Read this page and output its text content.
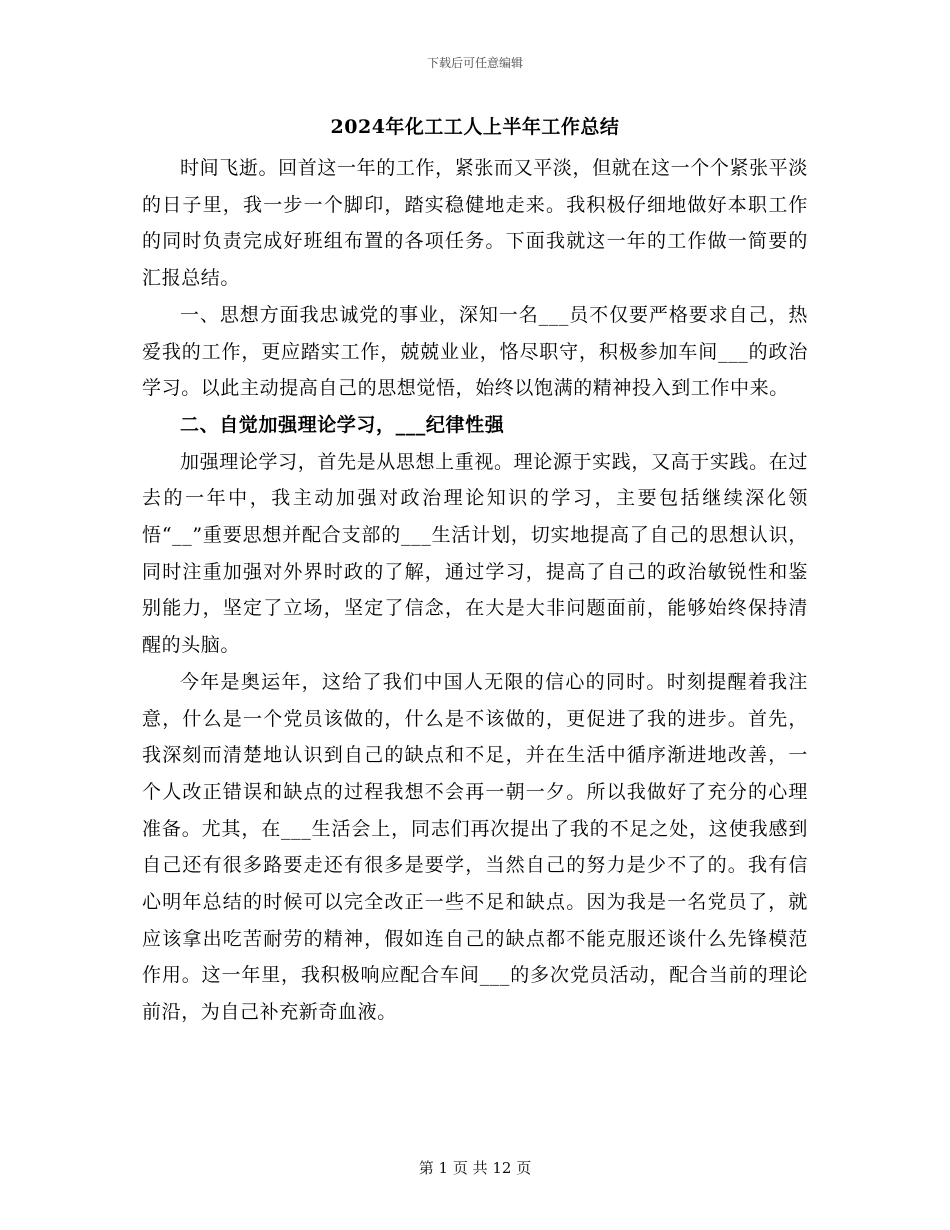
下载后可任意编辑
2024年化工工人上半年工作总结

时间飞逝。回首这一年的工作，紧张而又平淡，但就在这一个个紧张平淡的日子里，我一步一个脚印，踏实稳健地走来。我积极仔细地做好本职工作的同时负责完成好班组布置的各项任务。下面我就这一年的工作做一简要的汇报总结。

一、思想方面我忠诚党的事业，深知一名___员不仅要严格要求自己，热爱我的工作，更应踏实工作，兢兢业业，恪尽职守，积极参加车间___的政治学习。以此主动提高自己的思想觉悟，始终以饱满的精神投入到工作中来。

二、自觉加强理论学习，___纪律性强

加强理论学习，首先是从思想上重视。理论源于实践，又高于实践。在过去的一年中，我主动加强对政治理论知识的学习，主要包括继续深化领悟“__”重要思想并配合支部的___生活计划，切实地提高了自己的思想认识，同时注重加强对外界时政的了解，通过学习，提高了自己的政治敏锐性和鉴别能力，坚定了立场，坚定了信念，在大是大非问题面前，能够始终保持清醒的头脑。

今年是奥运年，这给了我们中国人无限的信心的同时。时刻提醒着我注意，什么是一个党员该做的，什么是不该做的，更促进了我的进步。首先，我深刻而清楚地认识到自己的缺点和不足，并在生活中循序渐进地改善，一个人改正错误和缺点的过程我想不会再一朝一夕。所以我做好了充分的心理准备。尤其，在___生活会上，同志们再次提出了我的不足之处，这使我感到自己还有很多路要走还有很多是要学，当然自己的努力是少不了的。我有信心明年总结的时候可以完全改正一些不足和缺点。因为我是一名党员了，就应该拿出吃苦耐劳的精神，假如连自己的缺点都不能克服还谈什么先锋模范作用。这一年里，我积极响应配合车间___的多次党员活动，配合当前的理论前沿，为自己补充新奇血液。

第 1 页 共 12 页
